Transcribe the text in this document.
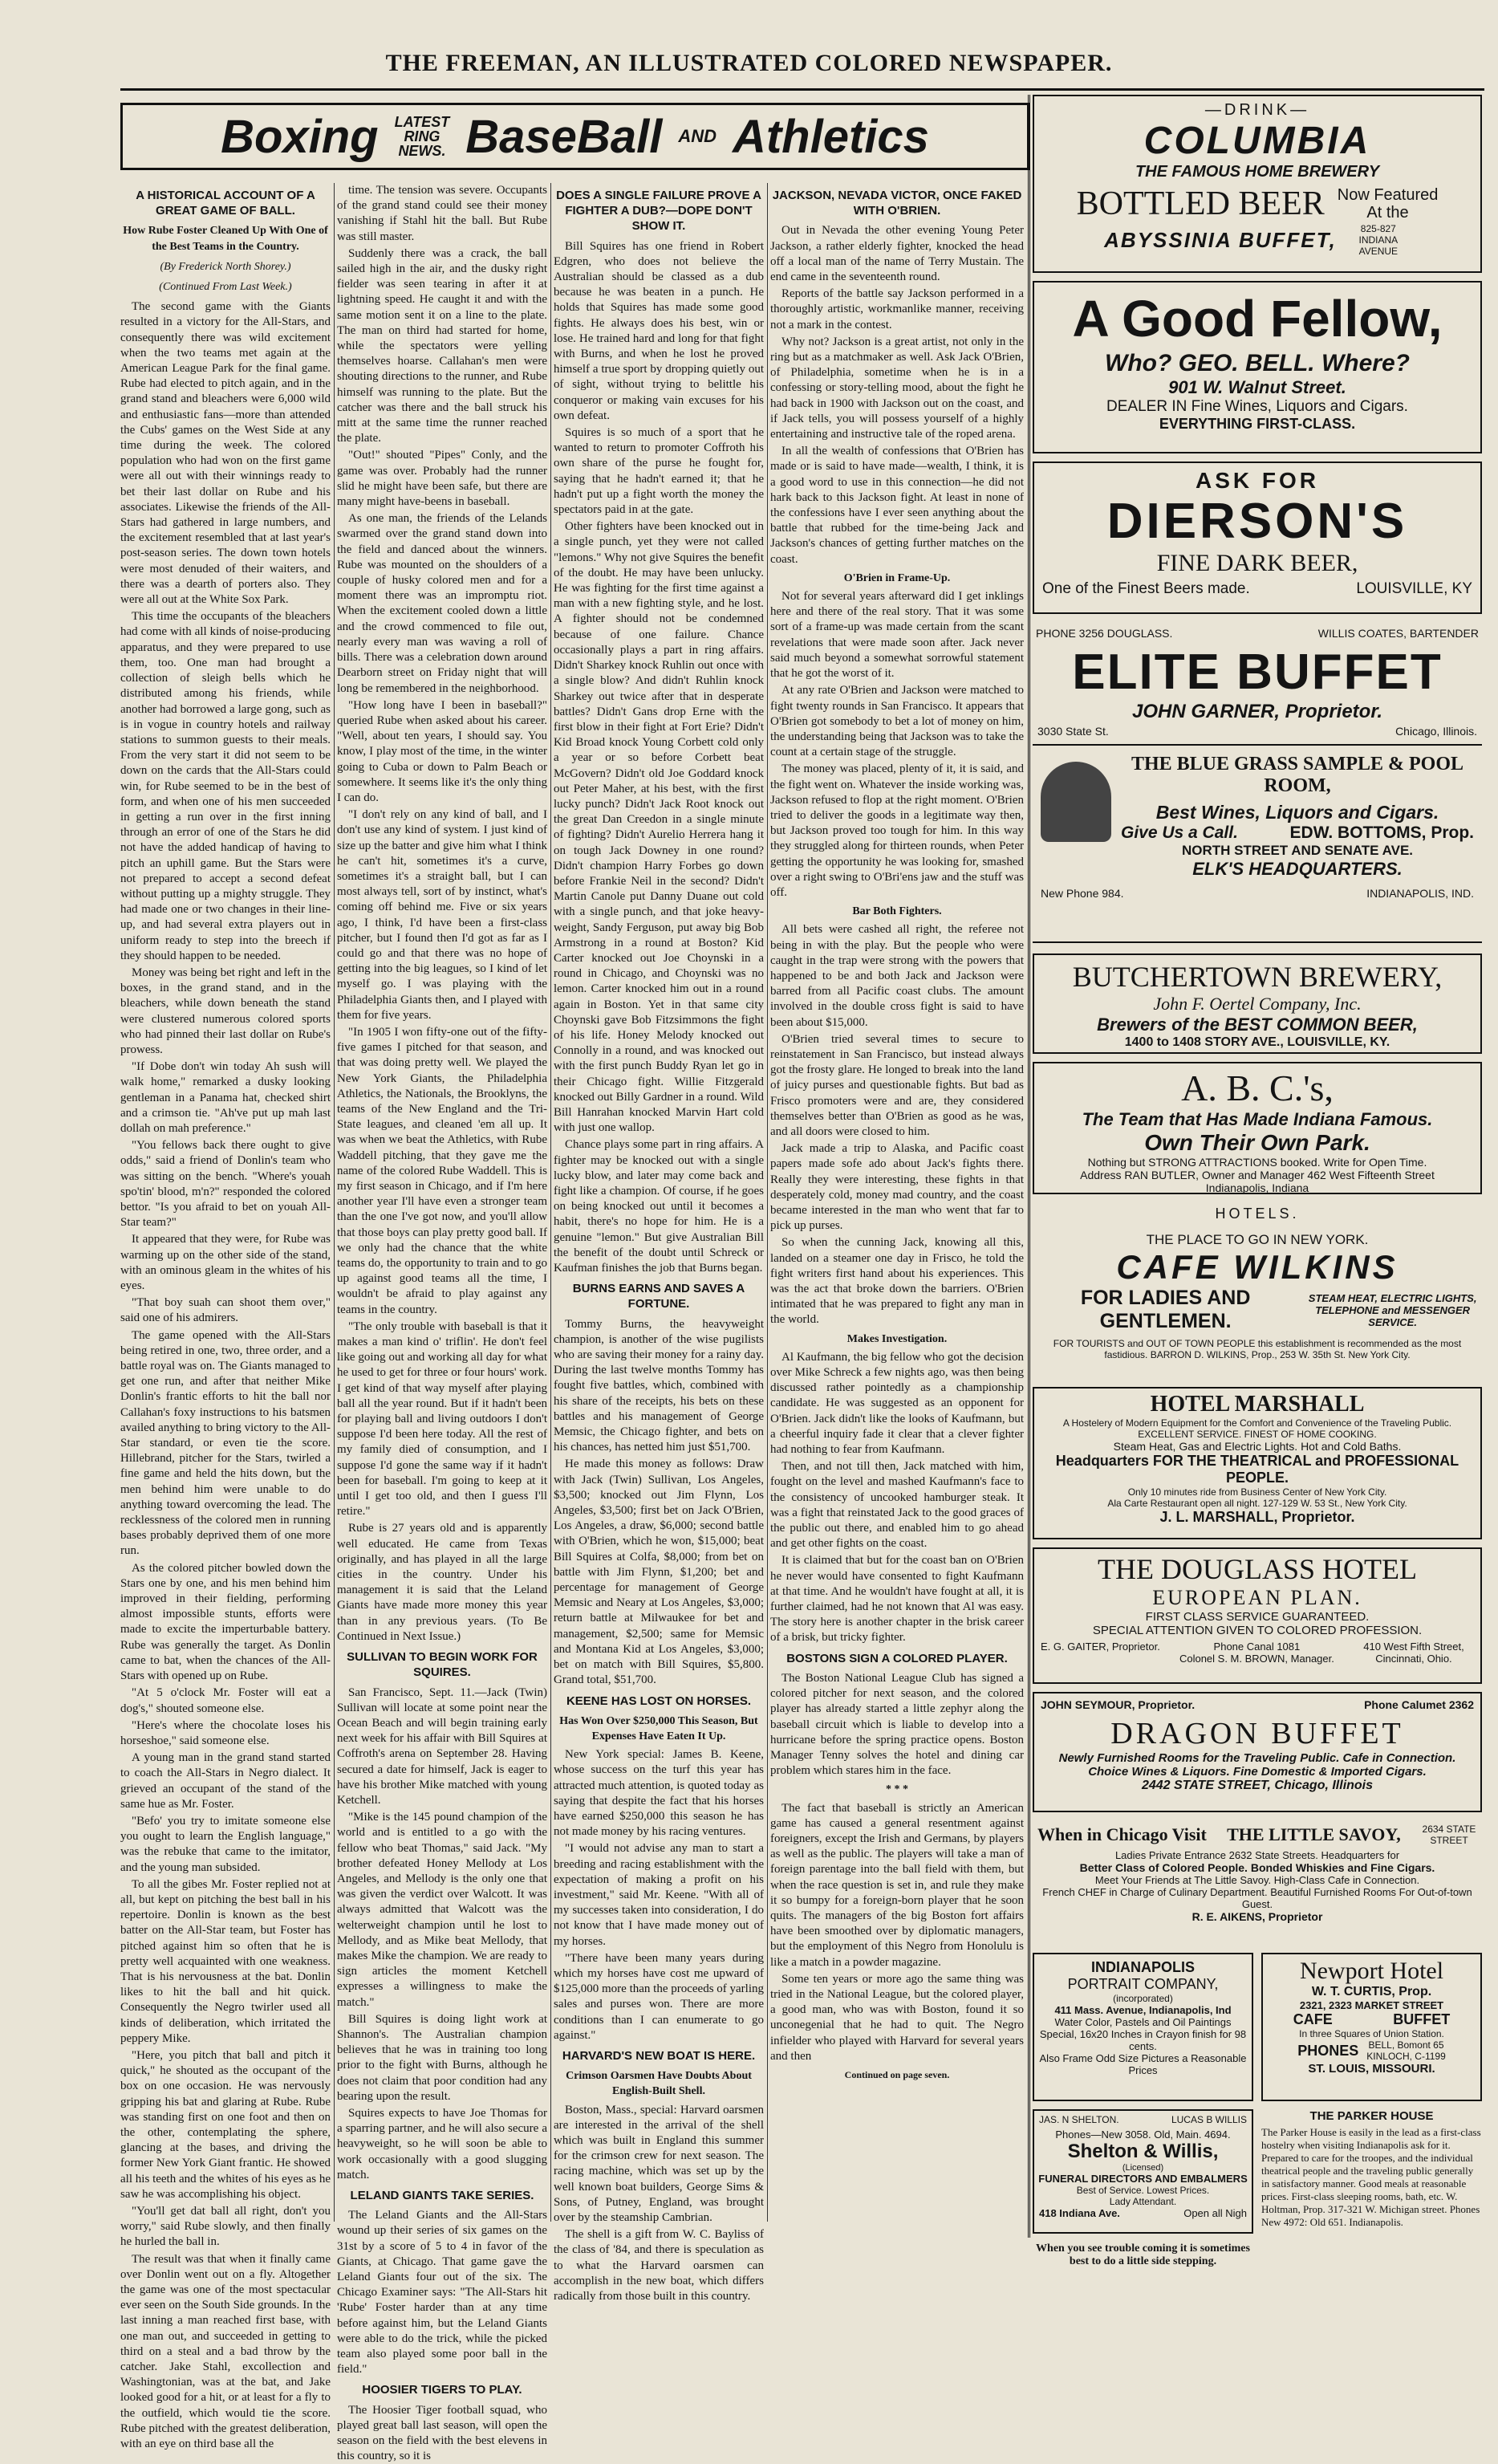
THE FREEMAN, AN ILLUSTRATED COLORED NEWSPAPER.
Boxing LATEST
RING
NEWS. BaseBall AND Athletics
A HISTORICAL ACCOUNT OF A GREAT GAME OF BALL.
How Rube Foster Cleaned Up With One of the Best Teams in the Country.
(By Frederick North Shorey.)
(Continued From Last Week.)

The second game with the Giants resulted in a victory for the All-Stars, and consequently there was wild excitement when the two teams met again at the American League Park for the final game. Rube had elected to pitch again, and in the grand stand and bleachers were 6,000 wild and enthusiastic fans—more than attended the Cubs' games on the West Side at any time during the week. The colored population who had won on the first game were all out with their winnings ready to bet their last dollar on Rube and his associates. Likewise the friends of the All-Stars had gathered in large numbers, and the excitement resembled that at last year's post-season series. The down town hotels were most denuded of their waiters, and there was a dearth of porters also. They were all out at the White Sox Park.

This time the occupants of the bleachers had come with all kinds of noise-producing apparatus, and they were prepared to use them, too. One man had brought a collection of sleigh bells which he distributed among his friends, while another had borrowed a large gong, such as is in vogue in country hotels and railway stations to summon guests to their meals. From the very start it did not seem to be down on the cards that the All-Stars could win, for Rube seemed to be in the best of form, and when one of his men succeeded in getting a run over in the first inning through an error of one of the Stars he did not have the added handicap of having to pitch an uphill game. But the Stars were not prepared to accept a second defeat without putting up a mighty struggle. They had made one or two changes in their line-up, and had several extra players out in uniform ready to step into the breech if they should happen to be needed.

Money was being bet right and left in the boxes, in the grand stand, and in the bleachers, while down beneath the stand were clustered numerous colored sports who had pinned their last dollar on Rube's prowess.

"If Dobe don't win today Ah sush will walk home," remarked a dusky looking gentleman in a Panama hat, checked shirt and a crimson tie. "Ah've put up mah last dollah on mah preference."

"You fellows back there ought to give odds," said a friend of Donlin's team who was sitting on the bench. "Where's youah spo'tin' blood, m'n?" responded the colored bettor. "Is you afraid to bet on youah All-Star team?"

It appeared that they were, for Rube was warming up on the other side of the stand, with an ominous gleam in the whites of his eyes.

"That boy suah can shoot them over," said one of his admirers.

The game opened with the All-Stars being retired in one, two, three order, and a battle royal was on. The Giants managed to get one run, and after that neither Mike Donlin's frantic efforts to hit the ball nor Callahan's foxy instructions to his batsmen availed anything to bring victory to the All-Star standard, or even tie the score. Hillebrand, pitcher for the Stars, twirled a fine game and held the hits down, but the men behind him were unable to do anything toward overcoming the lead. The recklessness of the colored men in running bases probably deprived them of one more run.

As the colored pitcher bowled down the Stars one by one, and his men behind him improved in their fielding, performing almost impossible stunts, efforts were made to excite the imperturbable battery. Rube was generally the target. As Donlin came to bat, when the chances of the All-Stars with opened up on Rube.

"At 5 o'clock Mr. Foster will eat a dog's," shouted someone else.

"Here's where the chocolate loses his horseshoe," said someone else.

A young man in the grand stand started to coach the All-Stars in Negro dialect. It grieved an occupant of the stand of the same hue as Mr. Foster.

"Befo' you try to imitate someone else you ought to learn the English language," was the rebuke that came to the imitator, and the young man subsided.

To all the gibes Mr. Foster replied not at all, but kept on pitching the best ball in his repertoire. Donlin is known as the best batter on the All-Star team, but Foster has pitched against him so often that he is pretty well acquainted with one weakness. That is his nervousness at the bat. Donlin likes to hit the ball and hit quick. Consequently the Negro twirler used all kinds of deliberation, which irritated the peppery Mike.

"Here, you pitch that ball and pitch it quick," he shouted as the occupant of the box on one occasion. He was nervously gripping his bat and glaring at Rube. Rube was standing first on one foot and then on the other, contemplating the sphere, glancing at the bases, and driving the former New York Giant frantic. He showed all his teeth and the whites of his eyes as he saw he was accomplishing his object.

"You'll get dat ball all right, don't you worry," said Rube slowly, and then finally he hurled the ball in.

The result was that when it finally came over Donlin went out on a fly. Altogether the game was one of the most spectacular ever seen on the South Side grounds. In the last inning a man reached first base, with one man out, and succeeded in getting to third on a steal and a bad throw by the catcher. Jake Stahl, excollection and Washingtonian, was at the bat, and Jake looked good for a hit, or at least for a fly to the outfield, which would tie the score. Rube pitched with the greatest deliberation, with an eye on third base all the

time. The tension was severe. Occupants of the grand stand could see their money vanishing if Stahl hit the ball. But Rube was still master.

Suddenly there was a crack, the ball sailed high in the air, and the dusky right fielder was seen tearing in after it at lightning speed. He caught it and with the same motion sent it on a line to the plate. The man on third had started for home, while the spectators were yelling themselves hoarse. Callahan's men were shouting directions to the runner, and Rube himself was running to the plate. But the catcher was there and the ball struck his mitt at the same time the runner reached the plate.

"Out!" shouted "Pipes" Conly, and the game was over. Probably had the runner slid he might have been safe, but there are many might have-beens in baseball.

As one man, the friends of the Lelands swarmed over the grand stand down into the field and danced about the winners. Rube was mounted on the shoulders of a couple of husky colored men and for a moment there was an impromptu riot. When the excitement cooled down a little and the crowd commenced to file out, nearly every man was waving a roll of bills. There was a celebration down around Dearborn street on Friday night that will long be remembered in the neighborhood.

"How long have I been in baseball?" queried Rube when asked about his career. "Well, about ten years, I should say. You know, I play most of the time, in the winter going to Cuba or down to Palm Beach or somewhere. It seems like it's the only thing I can do.

"I don't rely on any kind of ball, and I don't use any kind of system. I just kind of size up the batter and give him what I think he can't hit, sometimes it's a curve, sometimes it's a straight ball, but I can most always tell, sort of by instinct, what's coming off behind me. Five or six years ago, I think, I'd have been a first-class pitcher, but I found then I'd got as far as I could go and that there was no hope of getting into the big leagues, so I kind of let myself go. I was playing with the Philadelphia Giants then, and I played with them for five years.

"In 1905 I won fifty-one out of the fifty-five games I pitched for that season, and that was doing pretty well. We played the New York Giants, the Philadelphia Athletics, the Nationals, the Brooklyns, the teams of the New England and the Tri-State leagues, and cleaned 'em all up. It was when we beat the Athletics, with Rube Waddell pitching, that they gave me the name of the colored Rube Waddell. This is my first season in Chicago, and if I'm here another year I'll have even a stronger team than the one I've got now, and you'll allow that those boys can play pretty good ball. If we only had the chance that the white teams do, the opportunity to train and to go up against good teams all the time, I wouldn't be afraid to play against any teams in the country.

"The only trouble with baseball is that it makes a man kind o' triflin'. He don't feel like going out and working all day for what he used to get for three or four hours' work. I get kind of that way myself after playing ball all the year round. But if it hadn't been for playing ball and living outdoors I don't suppose I'd been here today. All the rest of my family died of consumption, and I suppose I'd gone the same way if it hadn't been for baseball. I'm going to keep at it until I get too old, and then I guess I'll retire."

Rube is 27 years old and is apparently well educated. He came from Texas originally, and has played in all the large cities in the country. Under his management it is said that the Leland Giants have made more money this year than in any previous years. (To Be Continued in Next Issue.)

SULLIVAN TO BEGIN WORK FOR SQUIRES.

San Francisco, Sept. 11.—Jack (Twin) Sullivan will locate at some point near the Ocean Beach and will begin training early next week for his affair with Bill Squires at Coffroth's arena on September 28. Having secured a date for himself, Jack is eager to have his brother Mike matched with young Ketchell.

"Mike is the 145 pound champion of the world and is entitled to a go with the fellow who beat Thomas," said Jack. "My brother defeated Honey Mellody at Los Angeles, and Mellody is the only one that was given the verdict over Walcott. It was always admitted that Walcott was the welterweight champion until he lost to Mellody, and as Mike beat Mellody, that makes Mike the champion. We are ready to sign articles the moment Ketchell expresses a willingness to make the match."

Bill Squires is doing light work at Shannon's. The Australian champion believes that he was in training too long prior to the fight with Burns, although he does not claim that poor condition had any bearing upon the result.

Squires expects to have Joe Thomas for a sparring partner, and he will also secure a heavyweight, so he will soon be able to work occasionally with a good slugging match.

LELAND GIANTS TAKE SERIES.

The Leland Giants and the All-Stars wound up their series of six games on the 31st by a score of 5 to 4 in favor of the Giants, at Chicago. That game gave the Leland Giants four out of the six. The Chicago Examiner says: "The All-Stars hit 'Rube' Foster harder than at any time before against him, but the Leland Giants were able to do the trick, while the picked team also played some poor ball in the field."

HOOSIER TIGERS TO PLAY.

The Hoosier Tiger football squad, who played great ball last season, will open the season on the field with the best elevens in this country, so it is

DOES A SINGLE FAILURE PROVE A FIGHTER A DUB?—DOPE DON'T SHOW IT.

Bill Squires has one friend in Robert Edgren, who does not believe the Australian should be classed as a dub because he was beaten in a punch. He holds that Squires has made some good fights. He always does his best, win or lose. He trained hard and long for that fight with Burns, and when he lost he proved himself a true sport by dropping quietly out of sight, without trying to belittle his conqueror or making vain excuses for his own defeat.

Squires is so much of a sport that he wanted to return to promoter Coffroth his own share of the purse he fought for, saying that he hadn't earned it; that he hadn't put up a fight worth the money the spectators paid in at the gate.

Other fighters have been knocked out in a single punch, yet they were not called "lemons." Why not give Squires the benefit of the doubt. He may have been unlucky. He was fighting for the first time against a man with a new fighting style, and he lost. A fighter should not be condemned because of one failure. Chance occasionally plays a part in ring affairs. Didn't Sharkey knock Ruhlin out once with a single blow? And didn't Ruhlin knock Sharkey out twice after that in desperate battles? Didn't Gans drop Erne with the first blow in their fight at Fort Erie? Didn't Kid Broad knock Young Corbett cold only a year or so before Corbett beat McGovern? Didn't old Joe Goddard knock out Peter Maher, at his best, with the first lucky punch? Didn't Jack Root knock out the great Dan Creedon in a single minute of fighting? Didn't Aurelio Herrera hang it on tough Jack Downey in one round? Didn't champion Harry Forbes go down before Frankie Neil in the second? Didn't Martin Canole put Danny Duane out cold with a single punch, and that joke heavy-weight, Sandy Ferguson, put away big Bob Armstrong in a round at Boston? Kid Carter knocked out Joe Choynski in a round in Chicago, and Choynski was no lemon. Carter knocked him out in a round again in Boston. Yet in that same city Choynski gave Bob Fitzsimmons the fight of his life. Honey Melody knocked out Connolly in a round, and was knocked out with the first punch Buddy Ryan let go in their Chicago fight. Willie Fitzgerald knocked out Billy Gardner in a round. Wild Bill Hanrahan knocked Marvin Hart cold with just one wallop.

Chance plays some part in ring affairs. A fighter may be knocked out with a single lucky blow, and later may come back and fight like a champion. Of course, if he goes on being knocked out until it becomes a habit, there's no hope for him. He is a genuine "lemon." But give Australian Bill the benefit of the doubt until Schreck or Kaufman finishes the job that Burns began.

BURNS EARNS AND SAVES A FORTUNE.

Tommy Burns, the heavyweight champion, is another of the wise pugilists who are saving their money for a rainy day. During the last twelve months Tommy has fought five battles, which, combined with his share of the receipts, his bets on these battles and his management of George Memsic, the Chicago fighter, and bets on his chances, has netted him just $51,700.

He made this money as follows: Draw with Jack (Twin) Sullivan, Los Angeles, $3,500; knocked out Jim Flynn, Los Angeles, $3,500; first bet on Jack O'Brien, Los Angeles, a draw, $6,000; second battle with O'Brien, which he won, $15,000; beat Bill Squires at Colfa, $8,000; from bet on battle with Jim Flynn, $1,200; bet and percentage for management of George Memsic and Neary at Los Angeles, $3,000; return battle at Milwaukee for bet and management, $2,500; same for Memsic and Montana Kid at Los Angeles, $3,000; bet on match with Bill Squires, $5,800. Grand total, $51,700.

KEENE HAS LOST ON HORSES.
Has Won Over $250,000 This Season, But Expenses Have Eaten It Up.

New York special: James B. Keene, whose success on the turf this year has attracted much attention, is quoted today as saying that despite the fact that his horses have earned $250,000 this season he has not made money by his racing ventures.

"I would not advise any man to start a breeding and racing establishment with the expectation of making a profit on his investment," said Mr. Keene. "With all of my successes taken into consideration, I do not know that I have made money out of my horses.

"There have been many years during which my horses have cost me upward of $125,000 more than the proceeds of yarling sales and purses won. There are more conditions than I can enumerate to go against."

HARVARD'S NEW BOAT IS HERE.
Crimson Oarsmen Have Doubts About English-Built Shell.

Boston, Mass., special: Harvard oarsmen are interested in the arrival of the shell which was built in England this summer for the crimson crew for next season. The racing machine, which was set up by the well known boat builders, George Sims & Sons, of Putney, England, was brought over by the steamship Cambrian.

The shell is a gift from W. C. Bayliss of the class of '84, and there is speculation as to what the Harvard oarsmen can accomplish in the new boat, which differs radically from those built in this country.

JACKSON, NEVADA VICTOR, ONCE FAKED WITH O'BRIEN.

Out in Nevada the other evening Young Peter Jackson, a rather elderly fighter, knocked the head off a local man of the name of Terry Mustain. The end came in the seventeenth round.

Reports of the battle say Jackson performed in a thoroughly artistic, workmanlike manner, receiving not a mark in the contest.

Why not? Jackson is a great artist, not only in the ring but as a matchmaker as well. Ask Jack O'Brien, of Philadelphia, sometime when he is in a confessing or story-telling mood, about the fight he had back in 1900 with Jackson out on the coast, and if Jack tells, you will possess yourself of a highly entertaining and instructive tale of the roped arena.

In all the wealth of confessions that O'Brien has made or is said to have made—wealth, I think, it is a good word to use in this connection—he did not hark back to this Jackson fight. At least in none of the confessions have I ever seen anything about the battle that rubbed for the time-being Jack and Jackson's chances of getting further matches on the coast.

O'Brien in Frame-Up.

Not for several years afterward did I get inklings here and there of the real story. That it was some sort of a frame-up was made certain from the scant revelations that were made soon after. Jack never said much beyond a somewhat sorrowful statement that he got the worst of it.

At any rate O'Brien and Jackson were matched to fight twenty rounds in San Francisco. It appears that O'Brien got somebody to bet a lot of money on him, the understanding being that Jackson was to take the count at a certain stage of the struggle.

The money was placed, plenty of it, it is said, and the fight went on. Whatever the inside working was, Jackson refused to flop at the right moment. O'Brien tried to deliver the goods in a legitimate way then, but Jackson proved too tough for him. In this way they struggled along for thirteen rounds, when Peter getting the opportunity he was looking for, smashed over a right swing to O'Bri'ens jaw and the stuff was off.

Bar Both Fighters.

All bets were cashed all right, the referee not being in with the play. But the people who were caught in the trap were strong with the powers that happened to be and both Jack and Jackson were barred from all Pacific coast clubs. The amount involved in the double cross fight is said to have been about $15,000.

O'Brien tried several times to secure to reinstatement in San Francisco, but instead always got the frosty glare. He longed to break into the land of juicy purses and questionable fights. But bad as Frisco promoters were and are, they considered themselves better than O'Brien as good as he was, and all doors were closed to him.

Jack made a trip to Alaska, and Pacific coast papers made sofe ado about Jack's fights there. Really they were interesting, these fights in that desperately cold, money mad country, and the coast became interested in the man who went that far to pick up purses.

So when the cunning Jack, knowing all this, landed on a steamer one day in Frisco, he told the fight writers first hand about his experiences. This was the act that broke down the barriers. O'Brien intimated that he was prepared to fight any man in the world.

Makes Investigation.

Al Kaufmann, the big fellow who got the decision over Mike Schreck a few nights ago, was then being discussed rather pointedly as a championship candidate. He was suggested as an opponent for O'Brien. Jack didn't like the looks of Kaufmann, but a cheerful inquiry fade it clear that a clever fighter had nothing to fear from Kaufmann.

Then, and not till then, Jack matched with him, fought on the level and mashed Kaufmann's face to the consistency of uncooked hamburger steak. It was a fight that reinstated Jack to the good graces of the public out there, and enabled him to go ahead and get other fights on the coast.

It is claimed that but for the coast ban on O'Brien he never would have consented to fight Kaufmann at that time. And he wouldn't have fought at all, it is further claimed, had he not known that Al was easy. The story here is another chapter in the brisk career of a brisk, but tricky fighter.

BOSTONS SIGN A COLORED PLAYER.

The Boston National League Club has signed a colored pitcher for next season, and the colored player has already started a little zephyr along the baseball circuit which is liable to develop into a hurricane before the spring practice opens. Boston Manager Tenny solves the hotel and dining car problem which stares him in the face.

* * *

The fact that baseball is strictly an American game has caused a general resentment against foreigners, except the Irish and Germans, by players as well as the public. The players will take a man of foreign parentage into the ball field with them, but when the race question is set in, and rule they make it so bumpy for a foreign-born player that he soon quits. The managers of the big Boston fort affairs have been smoothed over by diplomatic managers, but the employment of this Negro from Honolulu is like a match in a powder magazine.

Some ten years or more ago the same thing was tried in the National League, but the colored player, a good man, who was with Boston, found it so unconegenial that he had to quit. The Negro infielder who played with Harvard for several years and then

Continued on page seven.
—DRINK—
COLUMBIA
THE FAMOUS HOME BREWERY
BOTTLED BEER Now Featured
At the
ABYSSINIA BUFFET,	825-827 INDIANA AVENUE
A Good Fellow,
Who? GEO. BELL. Where?
901 W. Walnut Street.
DEALER IN Fine Wines, Liquors and Cigars.
EVERYTHING FIRST-CLASS.
ASK FOR
DIERSON'S
FINE DARK BEER,
One of the Finest Beers made.	LOUISVILLE, KY
PHONE 3256 DOUGLASS.	WILLIS COATES, BARTENDER
ELITE BUFFET
JOHN GARNER, Proprietor.
3030 State St.	Chicago, Illinois.
THE BLUE GRASS SAMPLE & POOL ROOM,
Best Wines, Liquors and Cigars.
Give Us a Call.	EDW. BOTTOMS, Prop.
NORTH STREET AND SENATE AVE.
ELK'S HEADQUARTERS.
New Phone 984.	INDIANAPOLIS, IND.
BUTCHERTOWN BREWERY,
John F. Oertel Company, Inc.
Brewers of the BEST COMMON BEER,
1400 to 1408 STORY AVE., LOUISVILLE, KY.
A. B. C.'s,
The Team that Has Made Indiana Famous.
Own Their Own Park.
Nothing but STRONG ATTRACTIONS booked. Write for Open Time.
Address RAN BUTLER, Owner and Manager 462 West Fifteenth Street
Indianapolis, Indiana
HOTELS.
THE PLACE TO GO IN NEW YORK.
CAFE WILKINS
FOR LADIES AND GENTLEMEN.
STEAM HEAT, ELECTRIC LIGHTS,
TELEPHONE and MESSENGER SERVICE.
FOR TOURISTS and OUT OF TOWN PEOPLE this establishment is recommended as the most fastidious. BARRON D. WILKINS, Prop., 253 W. 35th St. New York City.
HOTEL MARSHALL
A Hostelery of Modern Equipment for the Comfort and Convenience of the Traveling Public. EXCELLENT SERVICE. FINEST OF HOME COOKING.
Steam Heat, Gas and Electric Lights. Hot and Cold Baths.
Headquarters FOR THE THEATRICAL and PROFESSIONAL PEOPLE.
Only 10 minutes ride from Business Center of New York City.
Ala Carte Restaurant open all night. 127-129 W. 53 St., New York City.
J. L. MARSHALL, Proprietor.
THE DOUGLASS HOTEL
EUROPEAN PLAN.
FIRST CLASS SERVICE GUARANTEED.
SPECIAL ATTENTION GIVEN TO COLORED PROFESSION.
E. G. GAITER, Proprietor.	Phone Canal 1081
Colonel S. M. BROWN, Manager.
410 West Fifth Street, Cincinnati, Ohio.
JOHN SEYMOUR, Proprietor.	Phone Calumet 2362
DRAGON BUFFET
Newly Furnished Rooms for the Traveling Public. Cafe in Connection. Choice Wines & Liquors. Fine Domestic & Imported Cigars.
2442 STATE STREET, Chicago, Illinois
When in Chicago Visit THE LITTLE SAVOY, 2634 STATE STREET
Ladies Private Entrance 2632 State Streets. Headquarters for
Better Class of Colored People. Bonded Whiskies and Fine Cigars.
Meet Your Friends at The Little Savoy. High-Class Cafe in Connection.
French CHEF in Charge of Culinary Department. Beautiful Furnished Rooms For Out-of-town Guest.
R. E. AIKENS, Proprietor
INDIANAPOLIS
PORTRAIT COMPANY,
(incorporated)
411 Mass. Avenue, Indianapolis, Ind
Water Color, Pastels and Oil Paintings
Special, 16x20 Inches in Crayon finish for 98 cents.
Also Frame Odd Size Pictures a Reasonable Prices
Newport Hotel
W. T. CURTIS, Prop.
2321, 2323 MARKET STREET
CAFE	BUFFET
In three Squares of Union Station.
PHONES BELL, Bomont 65
KINLOCH, C-1199
ST. LOUIS, MISSOURI.
JAS. N SHELTON.	LUCAS B WILLIS
Phones—New 3058. Old, Main. 4694.
Shelton & Willis,
(Licensed)
FUNERAL DIRECTORS AND EMBALMERS
Best of Service. Lowest Prices.
Lady Attendant.
418 Indiana Ave.	Open all Nigh
THE PARKER HOUSE
The Parker House is easily in the lead as a first-class hostelry when visiting Indianapolis ask for it. Prepared to care for the troopes, and the individual theatrical people and the traveling public generally in satisfactory manner. Good meals at reasonable prices. First-class sleeping rooms, bath, etc. W. Holtman, Prop. 317-321 W. Michigan street. Phones New 4972: Old 651. Indianapolis.
When you see trouble coming it is sometimes best to do a little side stepping.
